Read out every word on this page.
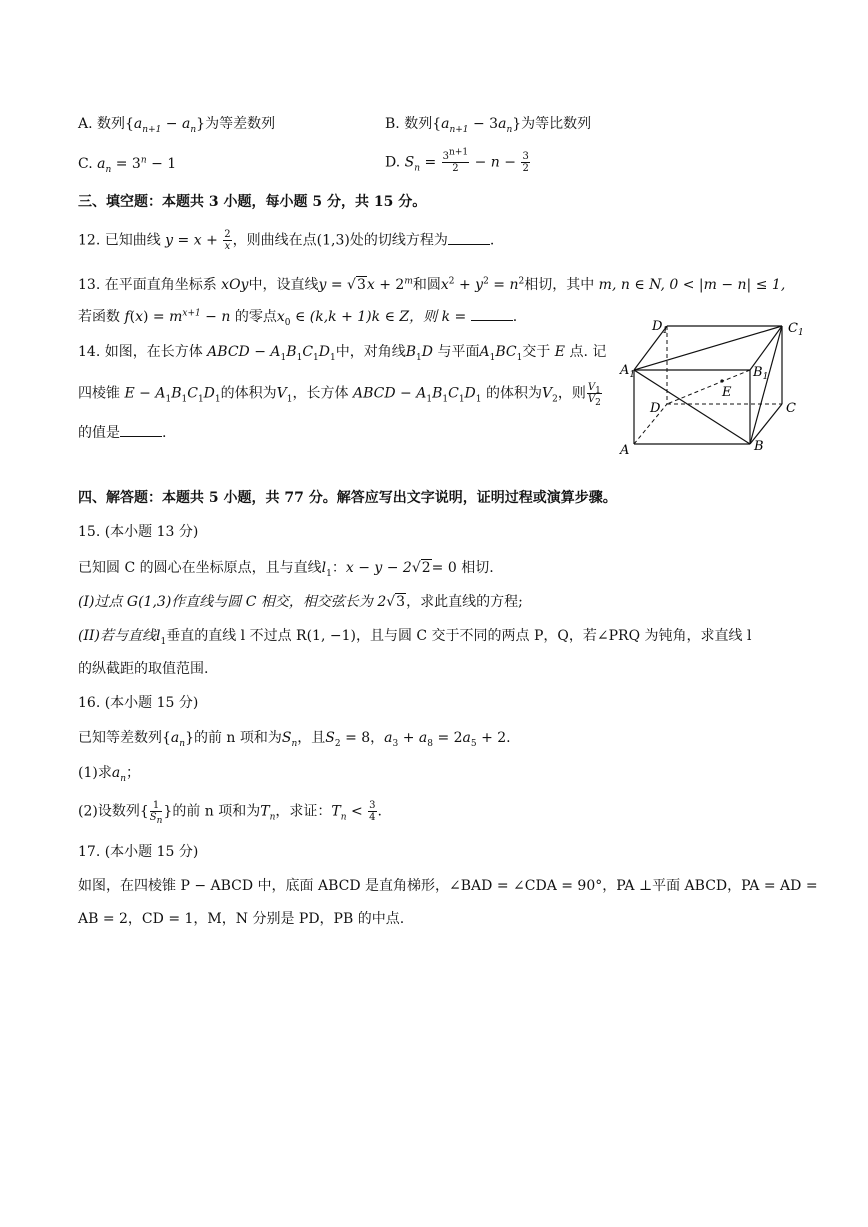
A. 数列$\{a_{n+1} - a_n\}$为等差数列	B. 数列$\{a_{n+1} - 3a_n\}$为等比数列
C. $a_n = 3^n - 1$	D. $S_n = \frac{3^{n+1}}{2} - n - \frac{3}{2}$
三、填空题：本题共 3 小题，每小题 5 分，共 15 分。
12. 已知曲线 $y = x + \frac{2}{x}$ ，则曲线在点(1,3)处的切线方程为	.
13. 在平面直角坐标系 xOy中，设直线$y = √3x + 2^m$和圆$x^2 + y^2 = n^2$相切，其中 m, n ∈ N, 0 < |m − n| ≤ 1,
若函数 $f(x) = m^{x+1} - n$ 的零点$x_0$ ∈ (k,k + 1)k ∈ Z，则 k =	.
14. 如图，在长方体 ABCD − $A_1B_1C_1D_1$中，对角线$B_1D$ 与平面$A_1BC_1$交于 E 点. 记
四棱锥 $E - A_1B_1C_1D_1$的体积为$V_1$，长方体 ABCD − $A_1B_1C_1D_1$ 的体积为$V_2$，则 $\frac{V_1}{V_2}$
的值是	.
$D_1$	$C_1$
$A_1$	$B_1$
E
D	C
A	B
四、解答题：本题共 5 小题，共 77 分。解答应写出文字说明，证明过程或演算步骤。
15. (本小题 13 分)
已知圆 C 的圆心在坐标原点，且与直线$l_1$：x − y − 2√2= 0 相切.
(I)过点 G(1,3)作直线与圆 C 相交，相交弦长为 2√3，求此直线的方程;
(II)若与直线$l_1$垂直的直线 l 不过点 R(1, −1)，且与圆 C 交于不同的两点 P，Q，若∠PRQ 为钝角，求直线 l
的纵截距的取值范围.
16. (本小题 15 分)
已知等差数列$\{a_n\}$的前 n 项和为$S_n$，且$S_2 = 8$，$a_3 + a_8 = 2a_5 + 2$.
(1)求$a_n$；
(2)设数列{ $\frac{1}{S_n}$ }的前 n 项和为$T_n$，求证：$T_n < \frac{3}{4}$ .
17. (本小题 15 分)
如图，在四棱锥 P − ABCD 中，底面 ABCD 是直角梯形，∠BAD = ∠CDA = 90°，PA ⊥平面 ABCD，PA = AD =
AB = 2，CD = 1，M，N 分别是 PD，PB 的中点.
